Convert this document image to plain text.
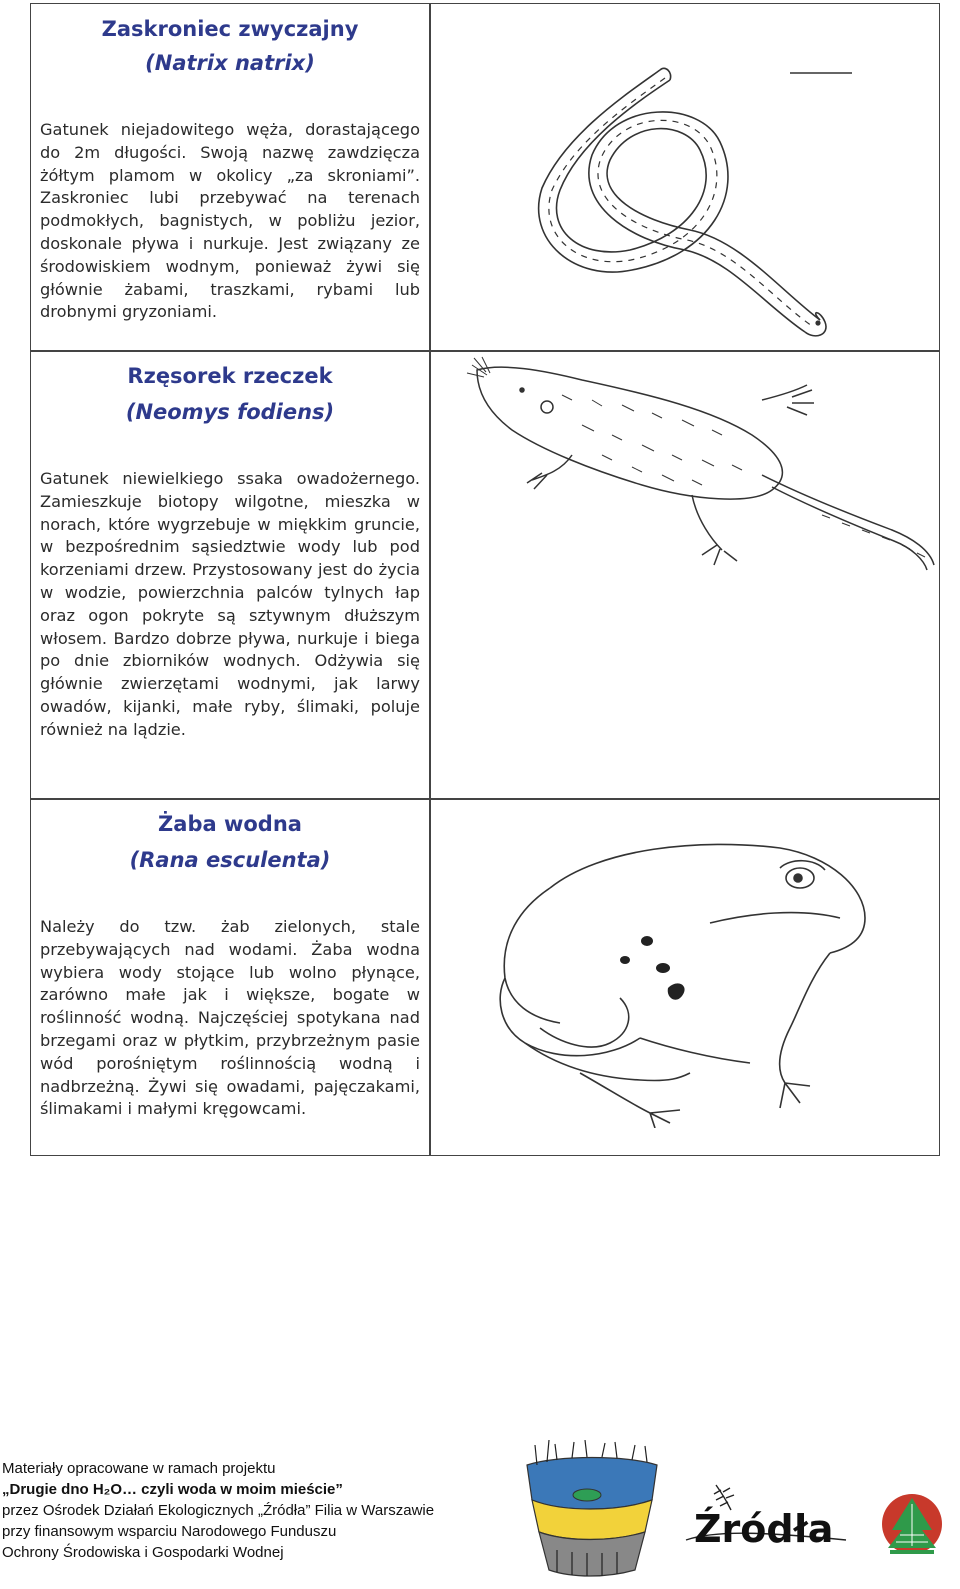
Zaskroniec zwyczajny
(Natrix natrix)

Gatunek niejadowitego węża, dorastającego do 2m długości. Swoją nazwę zawdzięcza żółtym plamom w okolicy „za skroniami”. Zaskroniec lubi przebywać na terenach podmokłych, bagnistych, w pobliżu jezior, doskonale pływa i nurkuje. Jest związany ze środowiskiem wodnym, ponieważ żywi się głównie żabami, traszkami, rybami lub drobnymi gryzoniami.

Rzęsorek rzeczek
(Neomys fodiens)

Gatunek niewielkiego ssaka owadożernego. Zamieszkuje biotopy wilgotne, mieszka w norach, które wygrzebuje w miękkim gruncie, w bezpośrednim sąsiedztwie wody lub pod korzeniami drzew. Przystosowany jest do życia w wodzie, powierzchnia palców tylnych łap oraz ogon pokryte są sztywnym dłuższym włosem. Bardzo dobrze pływa, nurkuje i biega po dnie zbiorników wodnych. Odżywia się głównie zwierzętami wodnymi, jak larwy owadów, kijanki, małe ryby, ślimaki, poluje również na lądzie.

Żaba wodna
(Rana esculenta)

Należy do tzw. żab zielonych, stale przebywających nad wodami. Żaba wodna wybiera wody stojące lub wolno płynące, zarówno małe jak i większe, bogate w roślinność wodną. Najczęściej spotykana nad brzegami oraz w płytkim, przybrzeżnym pasie wód porośniętym roślinnością wodną i nadbrzeżną. Żywi się owadami, pajęczakami, ślimakami i małymi kręgowcami.

Materiały opracowane w ramach projektu
„Drugie dno H₂O… czyli woda w moim mieście”
przez Ośrodek Działań Ekologicznych „Źródła” Filia w Warszawie
przy finansowym wsparciu Narodowego Funduszu
Ochrony Środowiska i Gospodarki Wodnej
Źródła
